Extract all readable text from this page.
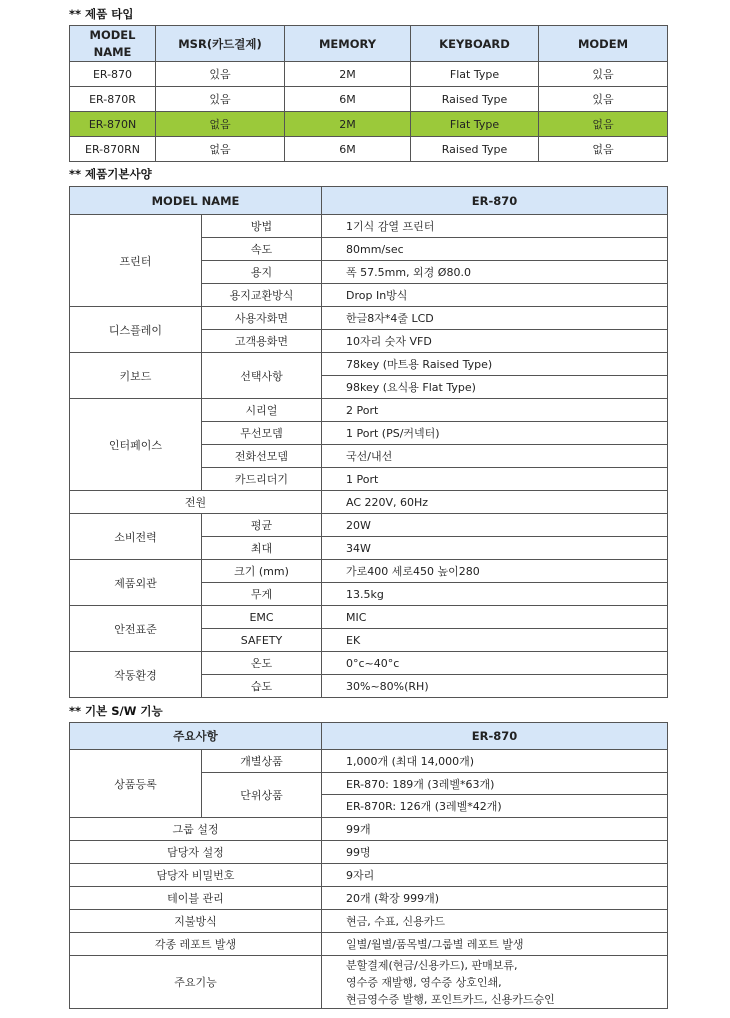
** 제품 타입
MODEL NAME	MSR(카드결제)	MEMORY	KEYBOARD	MODEM
ER-870	있음	2M	Flat Type	있음
ER-870R	있음	6M	Raised Type	있음
ER-870N	없음	2M	Flat Type	없음
ER-870RN	없음	6M	Raised Type	없음
** 제품기본사양
MODEL NAME		ER-870
프린터	방법	1기식 감열 프린터
	속도	80mm/sec
	용지	폭 57.5mm, 외경 Ø80.0
	용지교환방식	Drop In방식
디스플레이	사용자화면	한글8자*4줄 LCD
	고객용화면	10자리 숫자 VFD
키보드	선택사항	78key (마트용 Raised Type)
		98key (요식용 Flat Type)
인터페이스	시리얼	2 Port
	무선모뎀	1 Port (PS/커넥터)
	전화선모뎀	국선/내선
	카드리더기	1 Port
전원		AC 220V, 60Hz
소비전력	평균	20W
	최대	34W
제품외관	크기 (mm)	가로400 세로450 높이280
	무게	13.5kg
안전표준	EMC	MIC
	SAFETY	EK
작동환경	온도	0°c~40°c
	습도	30%~80%(RH)
** 기본 S/W 기능
주요사항		ER-870
상품등록	개별상품	1,000개 (최대 14,000개)
	단위상품	ER-870: 189개 (3레벨*63개)
		ER-870R: 126개 (3레벨*42개)
그룹 설정		99개
담당자 설정		99명
담당자 비밀번호		9자리
테이블 관리		20개 (확장 999개)
지불방식		현금, 수표, 신용카드
각종 레포트 발생		일별/월별/품목별/그룹별 레포트 발생
주요기능		분할결제(현금/신용카드), 판매보류,
영수증 재발행, 영수증 상호인쇄,
현금영수증 발행, 포인트카드, 신용카드승인
